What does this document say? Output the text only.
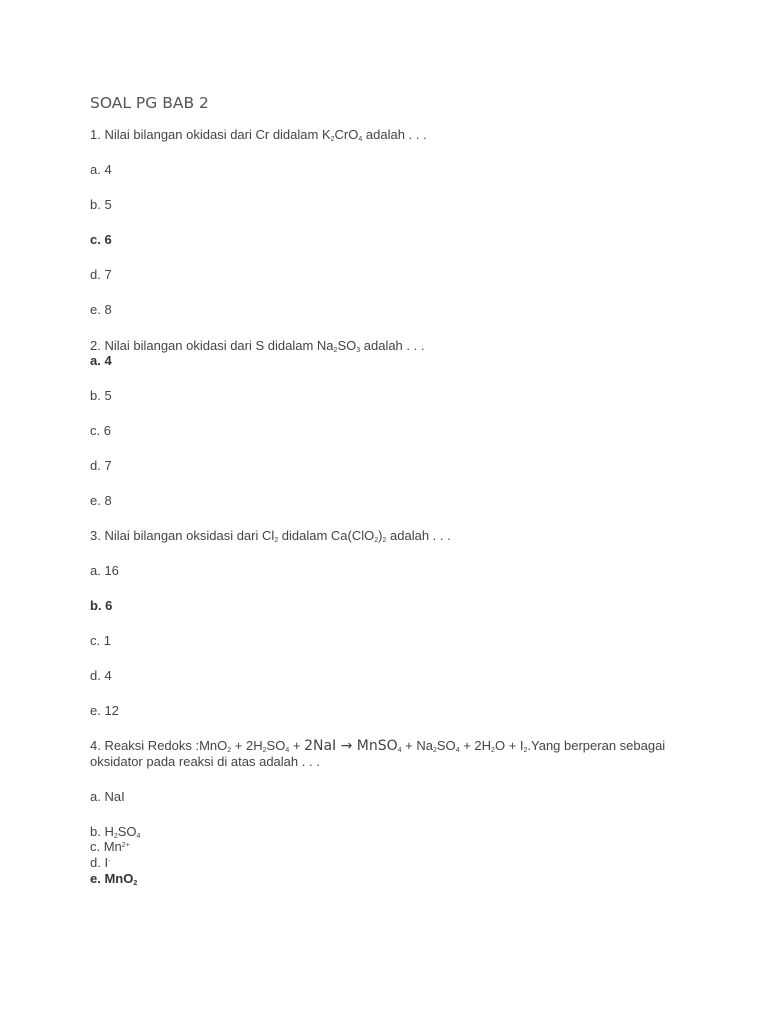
SOAL PG BAB 2
1. Nilai bilangan okidasi dari Cr didalam $K_2CrO_4$ adalah . . .
a. 4
b. 5
c. 6
d. 7
e. 8
2. Nilai bilangan okidasi dari S didalam $Na_2SO_3$ adalah . . .
a. 4
b. 5
c. 6
d. 7
e. 8
3. Nilai bilangan oksidasi dari $Cl_2$ didalam $Ca(ClO_2)_2$ adalah . . .
a. 16
b. 6
c. 1
d. 4
e. 12
4. Reaksi Redoks :MnO$_2$ + $2H_2SO_4 + 2NaI$ → MnSO$_4$ + $Na_2SO_4 + 2H_2O$ + $I_2.Yang$ berperan sebagai
oksidator pada reaksi di atas adalah . . .
a. NaI
b. $H_2SO_4$
c. $Mn^{2+}$
d. I-
e. MnO$_2$
